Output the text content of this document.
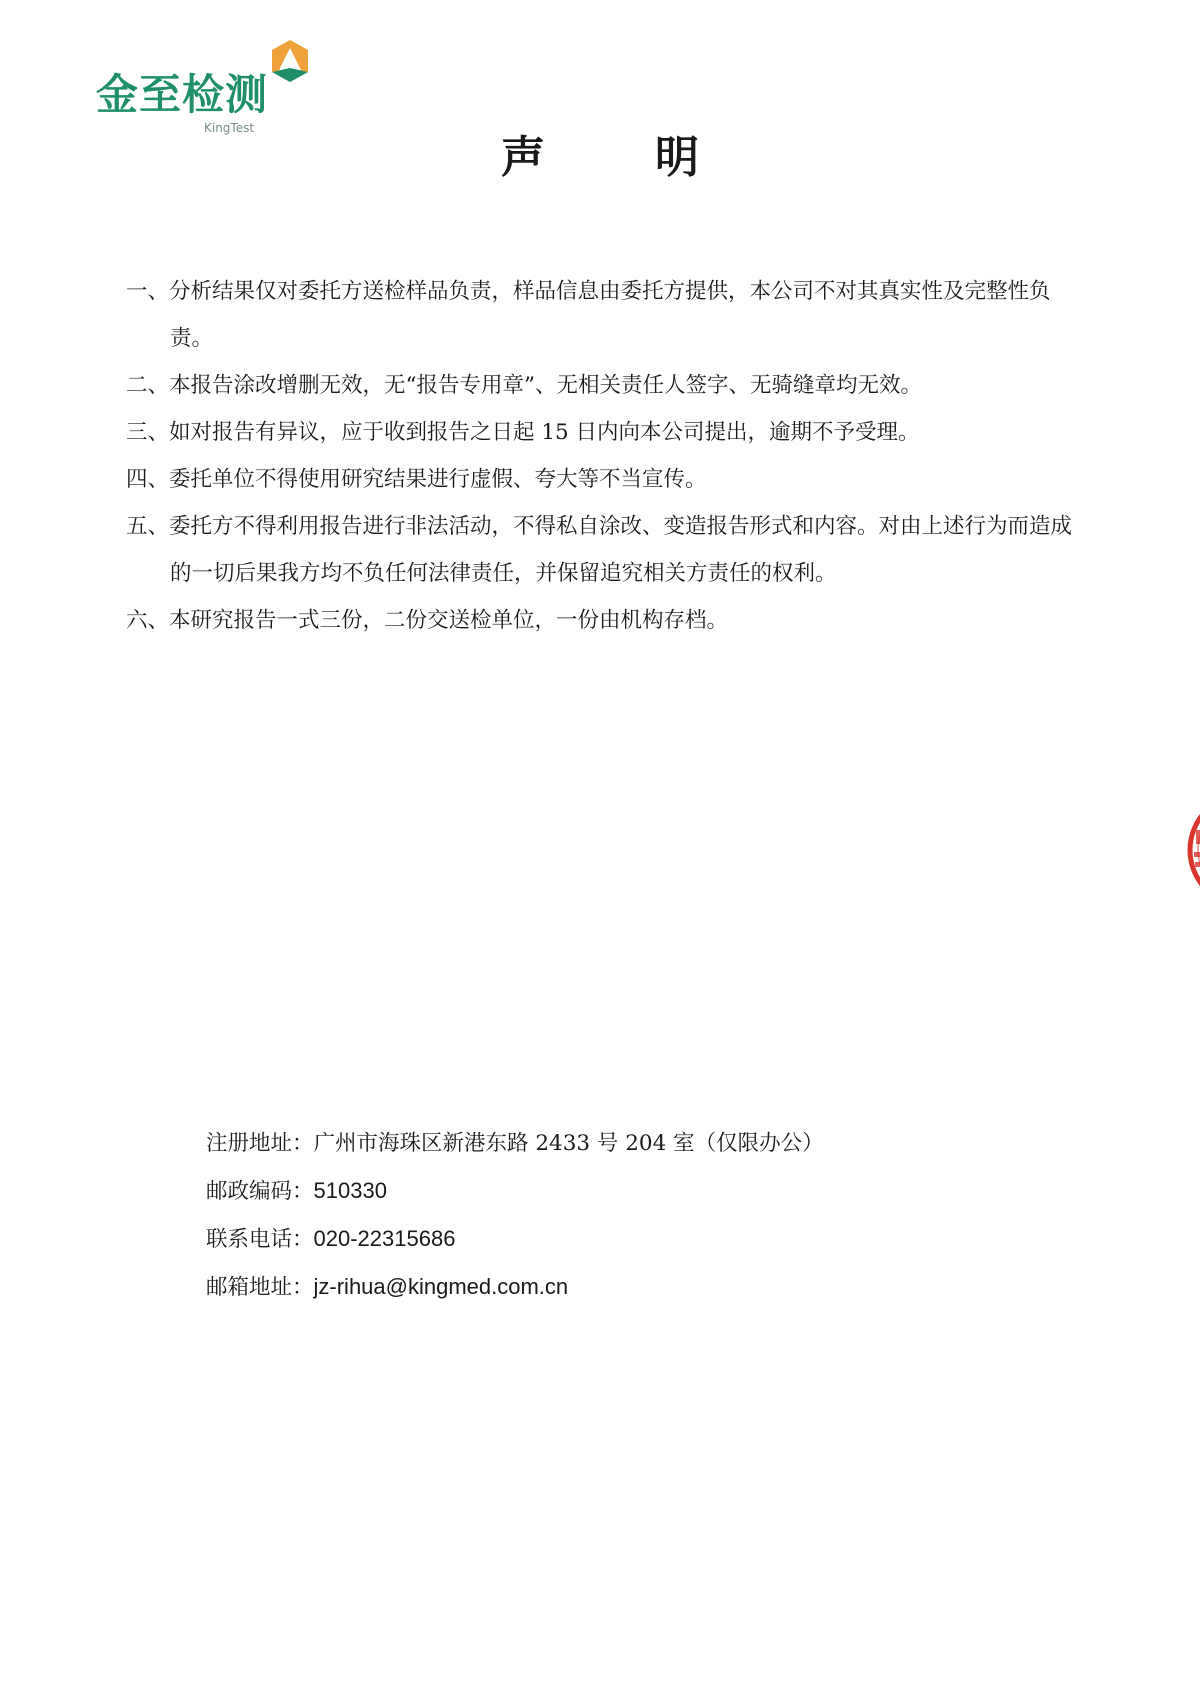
金至检测
KingTest
声	明
一、分析结果仅对委托方送检样品负责，样品信息由委托方提供，本公司不对其真实性及完整性负责。
二、本报告涂改增删无效，无“报告专用章”、无相关责任人签字、无骑缝章均无效。
三、如对报告有异议，应于收到报告之日起 15 日内向本公司提出，逾期不予受理。
四、委托单位不得使用研究结果进行虚假、夸大等不当宣传。
五、委托方不得利用报告进行非法活动，不得私自涂改、变造报告形式和内容。对由上述行为而造成的一切后果我方均不负任何法律责任，并保留追究相关方责任的权利。
六、本研究报告一式三份，二份交送检单位，一份由机构存档。
注册地址：广州市海珠区新港东路 2433 号 204 室（仅限办公）
邮政编码：510330
联系电话：020-22315686
邮箱地址：jz-rihua@kingmed.com.cn
